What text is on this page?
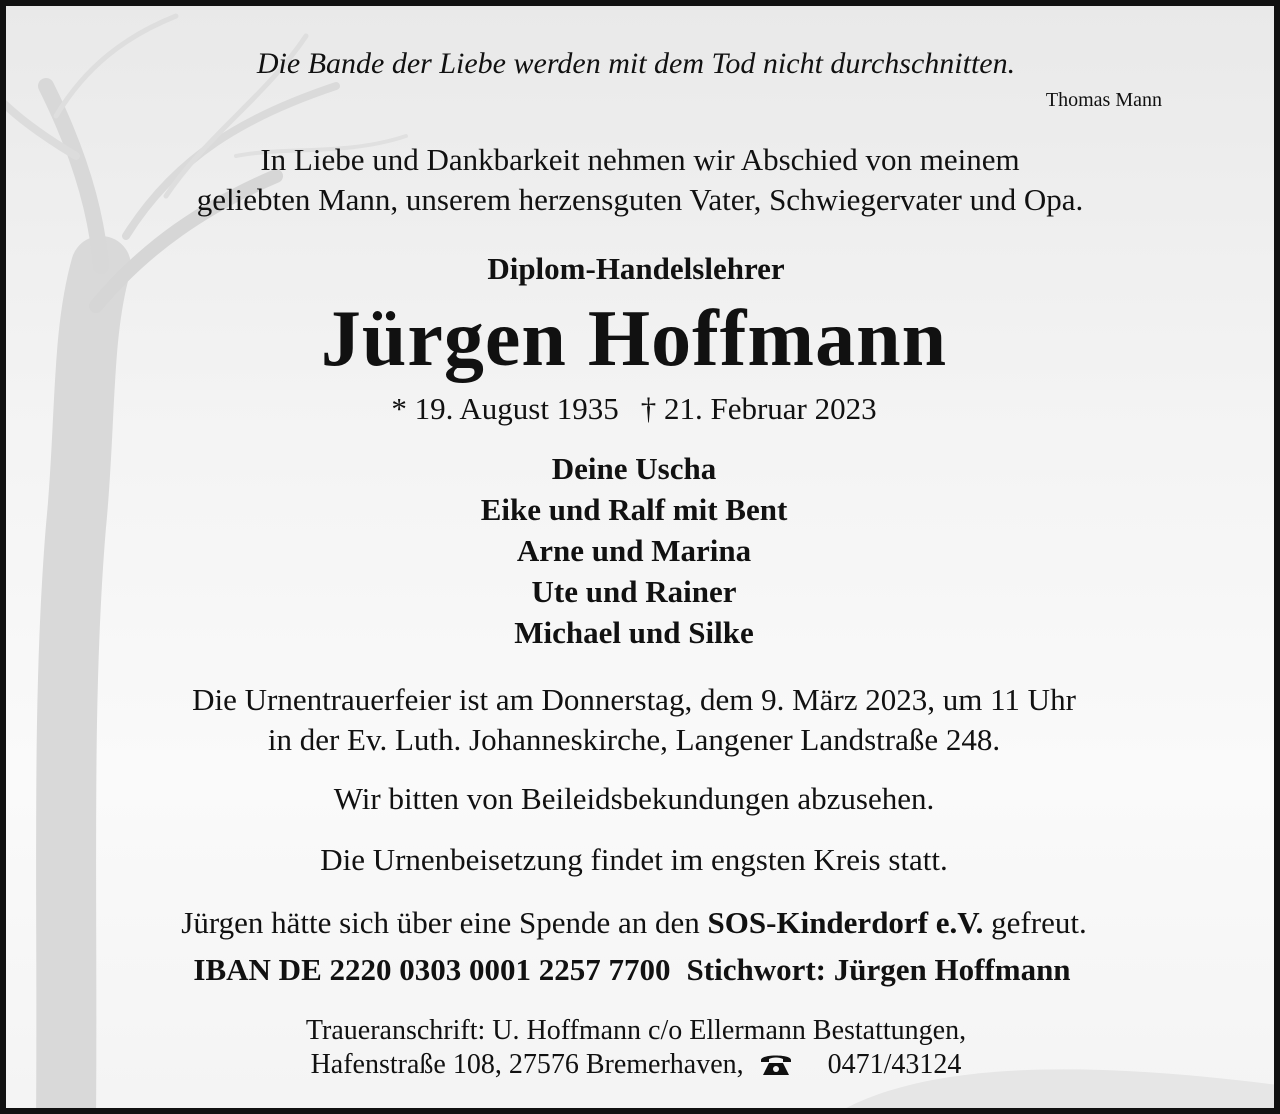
Die Bande der Liebe werden mit dem Tod nicht durchschnitten.
Thomas Mann
In Liebe und Dankbarkeit nehmen wir Abschied von meinem
geliebten Mann, unserem herzensguten Vater, Schwiegervater und Opa.
Diplom-Handelslehrer
Jürgen Hoffmann
* 19. August 1935 † 21. Februar 2023
Deine Uscha
Eike und Ralf mit Bent
Arne und Marina
Ute und Rainer
Michael und Silke
Die Urnentrauerfeier ist am Donnerstag, dem 9. März 2023, um 11 Uhr
in der Ev. Luth. Johanneskirche, Langener Landstraße 248.
Wir bitten von Beileidsbekundungen abzusehen.
Die Urnenbeisetzung findet im engsten Kreis statt.
Jürgen hätte sich über eine Spende an den SOS-Kinderdorf e.V. gefreut.
IBAN DE 2220 0303 0001 2257 7700 Stichwort: Jürgen Hoffmann
Traueranschrift: U. Hoffmann c/o Ellermann Bestattungen,
Hafenstraße 108, 27576 Bremerhaven,	0471/43124
